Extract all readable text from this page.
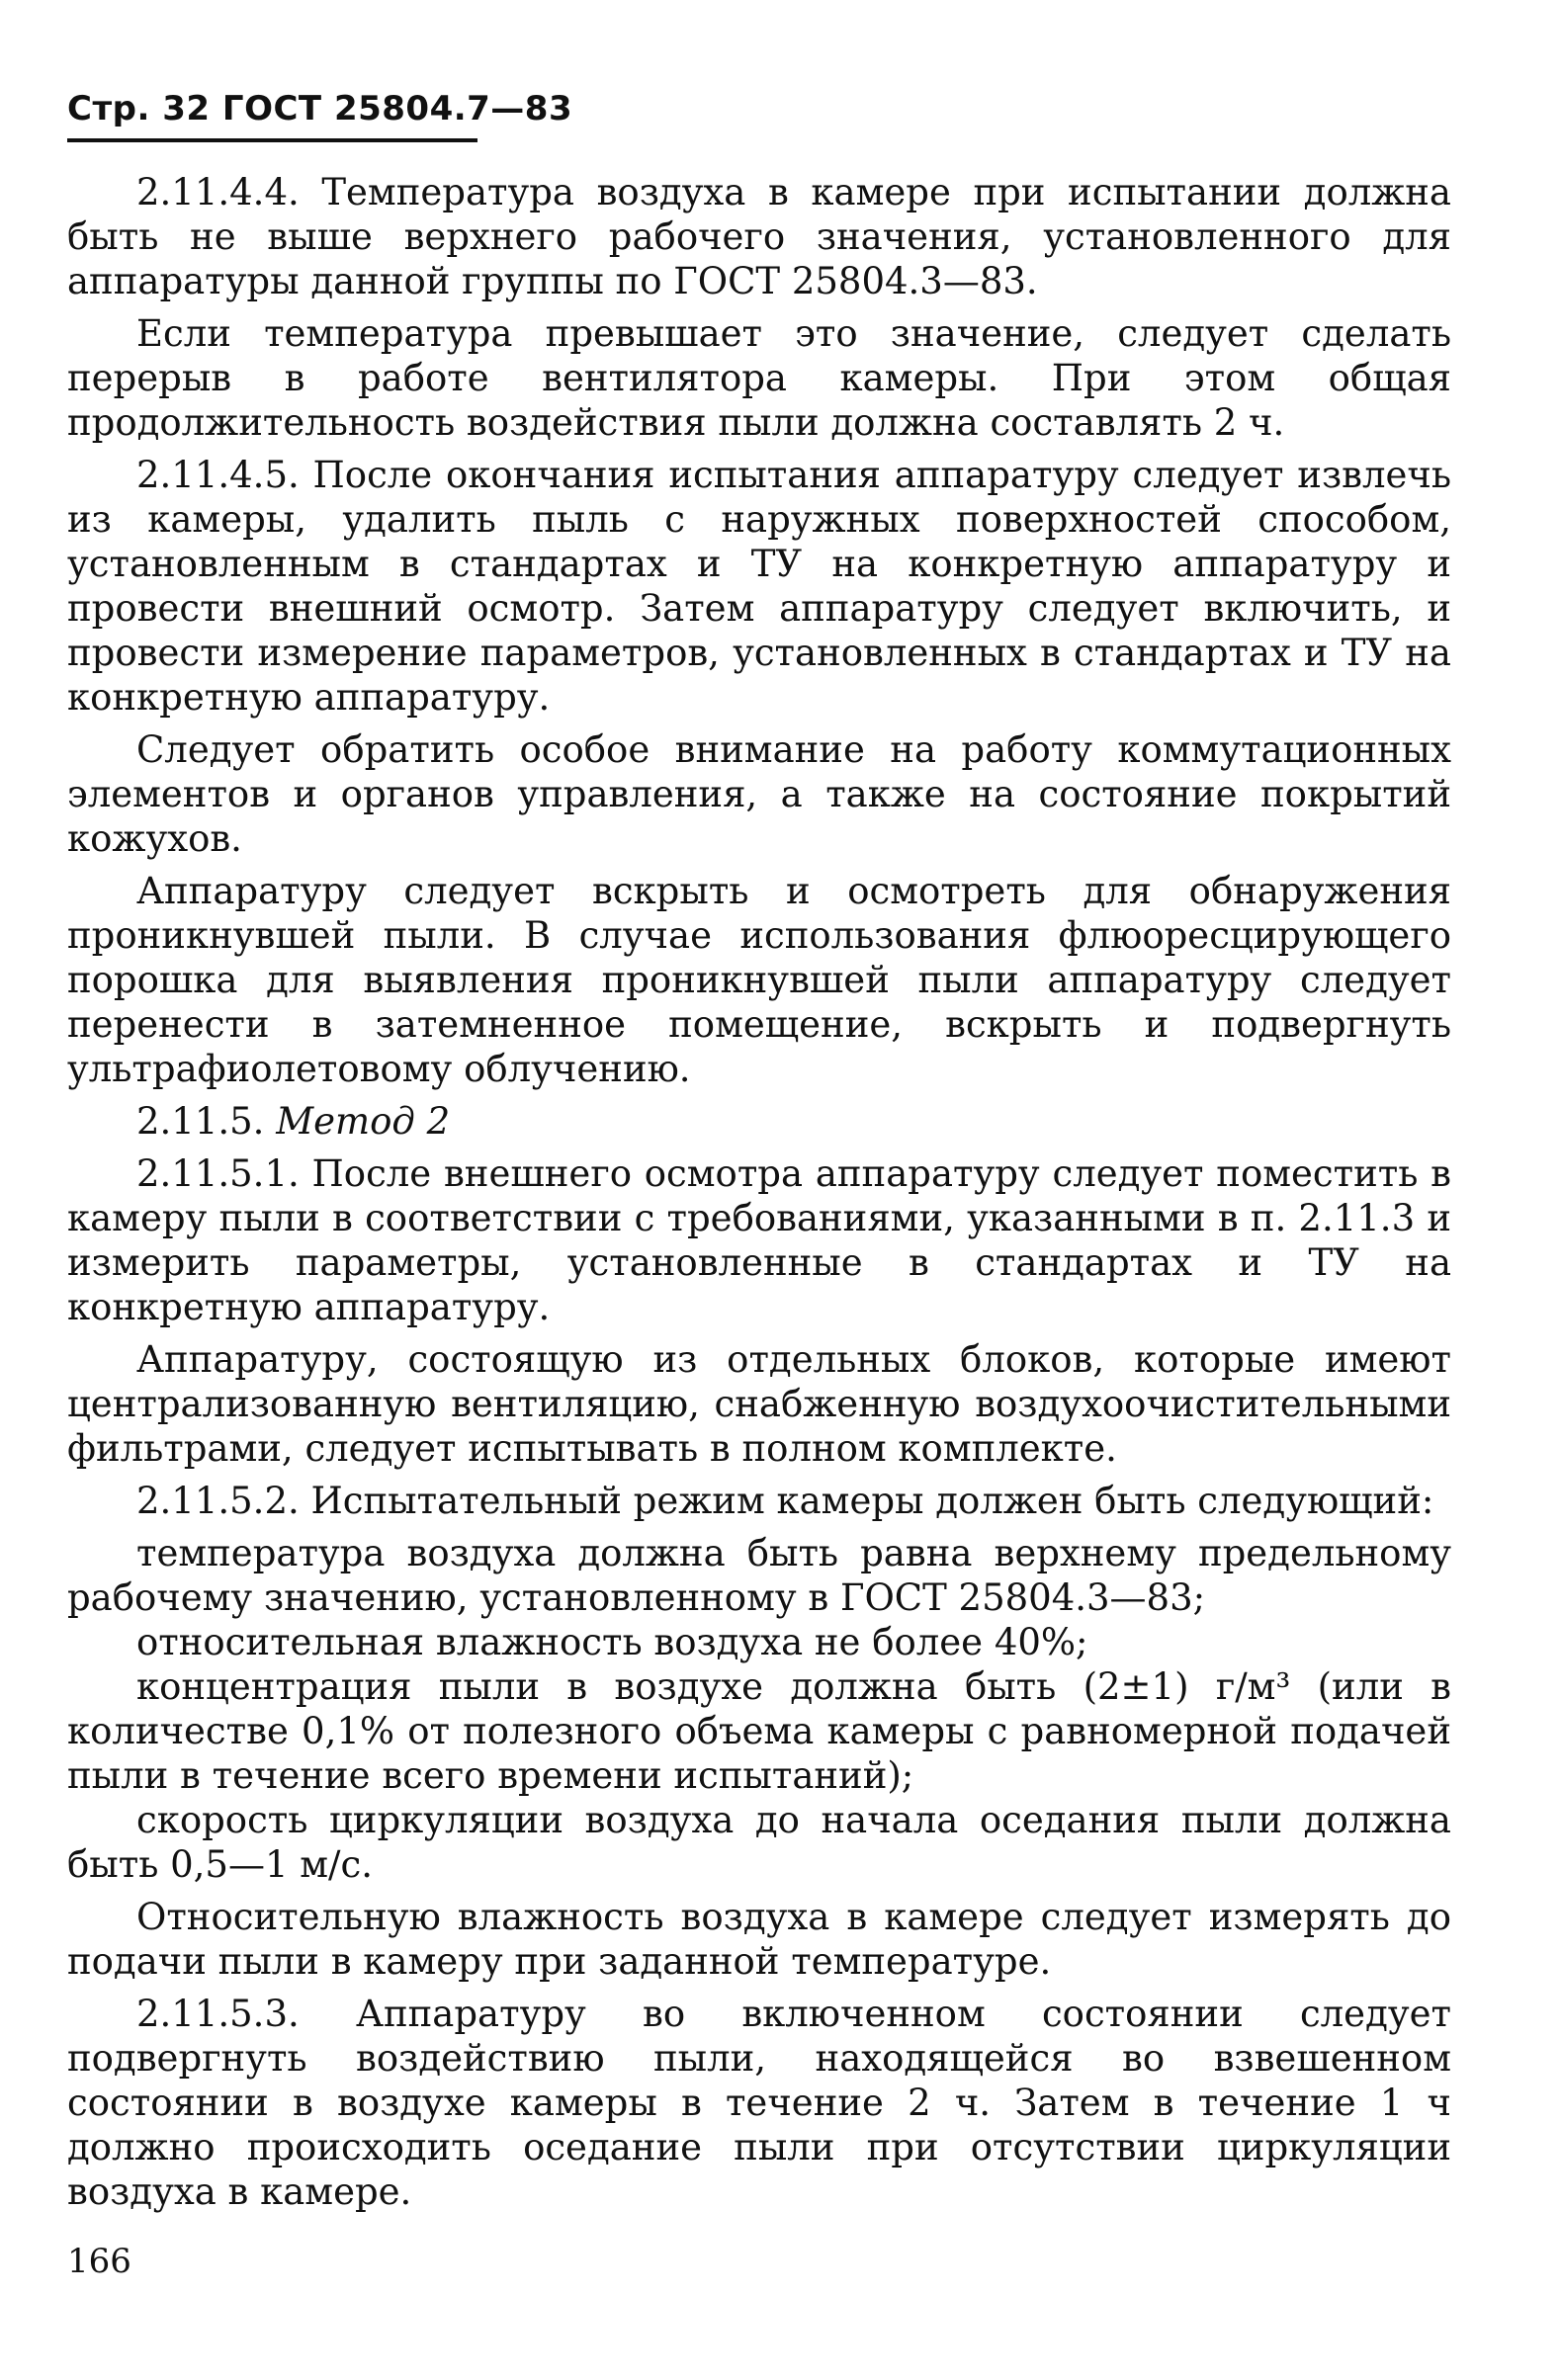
Стр. 32 ГОСТ 25804.7—83

2.11.4.4. Температура воздуха в камере при испытании должна быть не выше верхнего рабочего значения, установленного для аппаратуры данной группы по ГОСТ 25804.3—83.

Если температура превышает это значение, следует сделать перерыв в работе вентилятора камеры. При этом общая продолжительность воздействия пыли должна составлять 2 ч.

2.11.4.5. После окончания испытания аппаратуру следует извлечь из камеры, удалить пыль с наружных поверхностей способом, установленным в стандартах и ТУ на конкретную аппаратуру и провести внешний осмотр. Затем аппаратуру следует включить, и провести измерение параметров, установленных в стандартах и ТУ на конкретную аппаратуру.

Следует обратить особое внимание на работу коммутационных элементов и органов управления, а также на состояние покрытий кожухов.

Аппаратуру следует вскрыть и осмотреть для обнаружения проникнувшей пыли. В случае использования флюоресцирующего порошка для выявления проникнувшей пыли аппаратуру следует перенести в затемненное помещение, вскрыть и подвергнуть ультрафиолетовому облучению.

2.11.5. Метод 2

2.11.5.1. После внешнего осмотра аппаратуру следует поместить в камеру пыли в соответствии с требованиями, указанными в п. 2.11.3 и измерить параметры, установленные в стандартах и ТУ на конкретную аппаратуру.

Аппаратуру, состоящую из отдельных блоков, которые имеют централизованную вентиляцию, снабженную воздухоочистительными фильтрами, следует испытывать в полном комплекте.

2.11.5.2. Испытательный режим камеры должен быть следующий:

температура воздуха должна быть равна верхнему предельному рабочему значению, установленному в ГОСТ 25804.3—83;

относительная влажность воздуха не более 40%;

концентрация пыли в воздухе должна быть (2±1) г/м³ (или в количестве 0,1% от полезного объема камеры с равномерной подачей пыли в течение всего времени испытаний);

скорость циркуляции воздуха до начала оседания пыли должна быть 0,5—1 м/с.

Относительную влажность воздуха в камере следует измерять до подачи пыли в камеру при заданной температуре.

2.11.5.3. Аппаратуру во включенном состоянии следует подвергнуть воздействию пыли, находящейся во взвешенном состоянии в воздухе камеры в течение 2 ч. Затем в течение 1 ч должно происходить оседание пыли при отсутствии циркуляции воздуха в камере.

166
